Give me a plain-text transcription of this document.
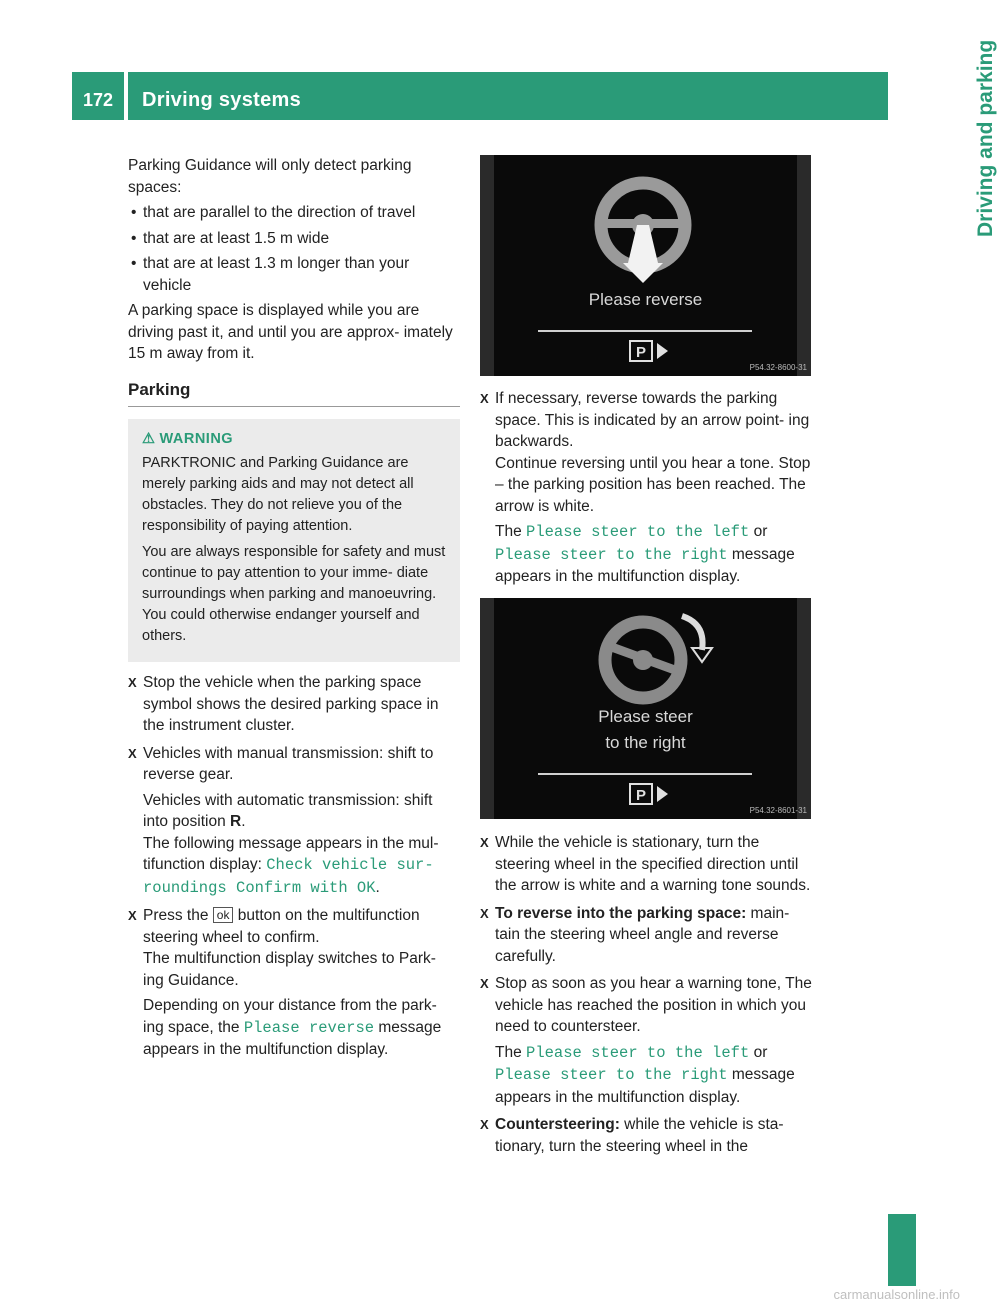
172	Driving systems	Driving and parking

Parking Guidance will only detect parking spaces:

• that are parallel to the direction of travel
• that are at least 1.5 m wide
• that are at least 1.3 m longer than your vehicle

A parking space is displayed while you are driving past it, and until you are approx- imately 15 m away from it.

Parking
⚠ WARNING

PARKTRONIC and Parking Guidance are merely parking aids and may not detect all obstacles. They do not relieve you of the responsibility of paying attention.

You are always responsible for safety and must continue to pay attention to your imme- diate surroundings when parking and manoeuvring. You could otherwise endanger yourself and others.

X Stop the vehicle when the parking space symbol shows the desired parking space in the instrument cluster.
X Vehicles with manual transmission: shift to reverse gear.
Vehicles with automatic transmission: shift into position R.
The following message appears in the mul- tifunction display: Check vehicle sur‐ roundings Confirm with OK.
X Press the ok button on the multifunction steering wheel to confirm.
The multifunction display switches to Park- ing Guidance.
Depending on your distance from the park- ing space, the Please reverse message appears in the multifunction display.
P
Please reverse
P54.32-8600-31
P
Please steer
to the right
P54.32-8601-31
X If necessary, reverse towards the parking space. This is indicated by an arrow point- ing backwards.
Continue reversing until you hear a tone. Stop – the parking position has been reached. The arrow is white.
The Please steer to the left or Please steer to the right message appears in the multifunction display.
X While the vehicle is stationary, turn the steering wheel in the specified direction until the arrow is white and a warning tone sounds.
X To reverse into the parking space: main- tain the steering wheel angle and reverse carefully.
X Stop as soon as you hear a warning tone, The vehicle has reached the position in which you need to countersteer.
The Please steer to the left or Please steer to the right message appears in the multifunction display.
X Countersteering: while the vehicle is sta- tionary, turn the steering wheel in the
carmanualsonline.info
